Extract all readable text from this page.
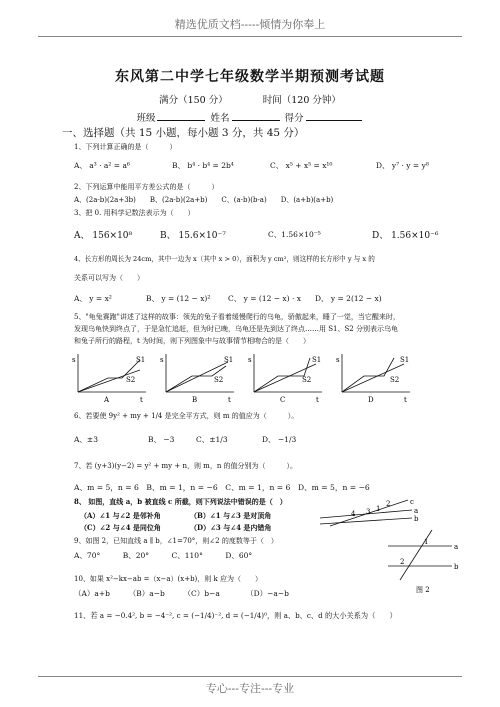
精选优质文档-----倾情为你奉上
东风第二中学七年级数学半期预测考试题
满分（150 分）	时间（120 分钟）
班级	姓名	得分
一、选择题（共 15 小题，每小题 3 分，共 45 分）
1、下列计算正确的是（　　　）
A、 a³ · a² = a⁶	B、 b⁴ · b⁴ = 2b⁴	C、 x⁵ + x⁵ = x¹⁰	D、 y⁷ · y = y⁸
2、下列运算中能用平方差公式的是（　　　）
A、(2a-b)(2a+3b)　　B、(2a-b)(2a+b)　　C、(a-b)(b-a)　　D、(a+b)(a+b)
3、把 0. 用科学记数法表示为（　　）
A、 156×10⁸	B、 15.6×10⁻⁷	C、1.56×10⁻⁵	D、 1.56×10⁻⁶
4、长方形的周长为 24cm，其中一边为 x（其中 x > 0），面积为 y cm²，则这样的长方形中 y 与 x 的
关系可以写为（　　）
A、 y = x²	B、 y = (12 − x)² C、 y = (12 − x) · x D、 y = 2(12 − x)
5、"龟兔赛跑"讲述了这样的故事：领先的兔子看着缓慢爬行的乌龟，骄傲起来，睡了一觉，当它醒来时，
发现乌龟快到终点了，于是急忙追赶，但为时已晚，乌龟还是先到达了终点……用 S1、S2 分别表示乌龟
和兔子所行的路程，t 为时间，则下列图象中与故事情节相吻合的是（　　）
s	S1
S2
A	t
s	S1
S2
B	t
s	S1
S2
C	t
s	S1
S2
D	t
6、若要使 9y² + my + 1/4 是完全平方式，则 m 的值应为（　　　）。
A、±3	B、 −3	C、±1/3	D、 −1/3
7、若 (y+3)(y−2) = y² + my + n，则 m，n 的值分别为（　　　）。
A、m = 5，n = 6　B、m = 1，n = −6　C、m = 1，n = 6　D、m = 5，n = −6
8、 如图，直线 a，b 被直线 c 所截，则下列说法中错误的是（　）
（A）∠1 与∠2 是邻补角	（B）∠1 与∠3 是对顶角
（C）∠2 与∠4 是同位角	（D）∠3 与∠4 是内错角
2
1
3
4
c
a
b
9、如图 2，已知直线 a ∥ b，∠1=70°，则∠2 的度数等于（　）
A、70°　　　B、20°　　　C、110°　　　D、60°
a
b
1
2
图 2
10、如果 x²−kx−ab =（x−a）(x+b)，则 k 应为（　　）
（A）a+b　　　（B）a−b　　　（C）b−a　　　　（D）−a−b
11、若 a = −0.4², b = −4⁻², c = (−1/4)⁻², d = (−1/4)⁰，则 a、b、c、d 的大小关系为（　　）
专心---专注---专业
